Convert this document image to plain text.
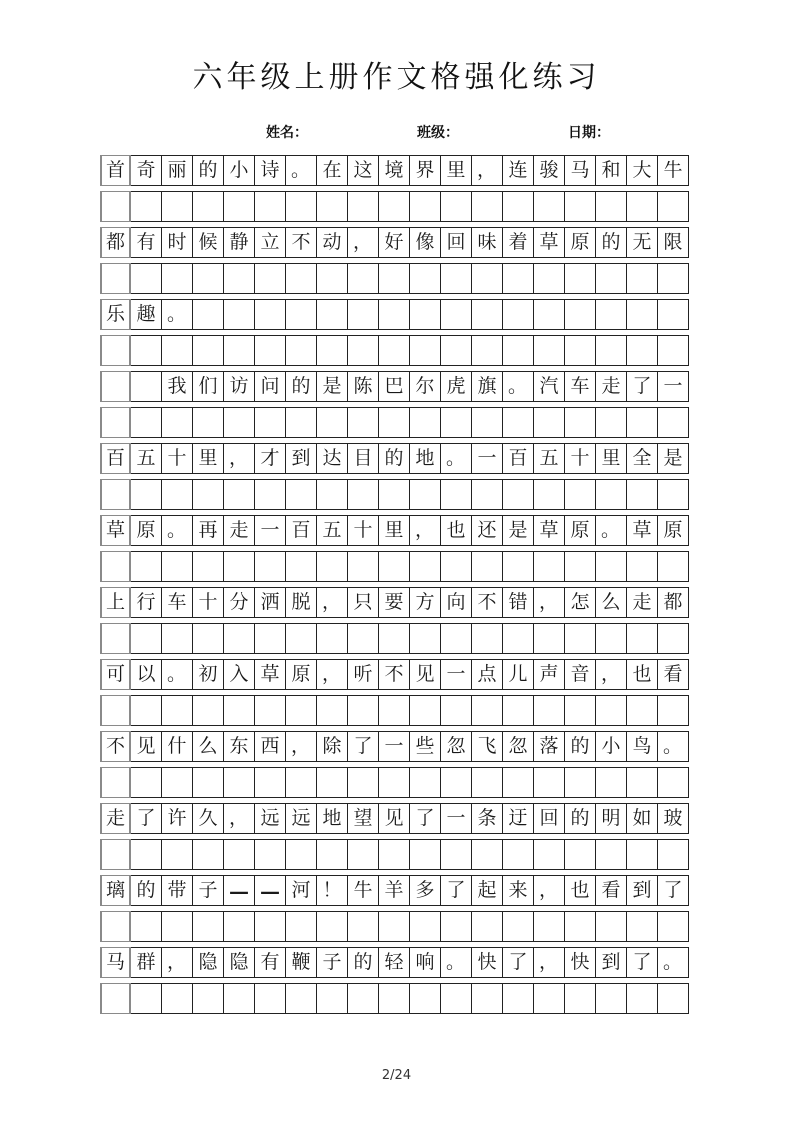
六年级上册作文格强化练习
姓名：	班级：	日期：
首 奇 丽 的 小 诗 。 在 这 境 界 里 ， 连 骏 马 和 大 牛
都 有 时 候 静 立 不 动 ， 好 像 回 味 着 草 原 的 无 限
乐 趣 。
我 们 访 问 的 是 陈 巴 尔 虎 旗 。 汽 车 走 了 一
百 五 十 里 ， 才 到 达 目 的 地 。 一 百 五 十 里 全 是
草 原 。 再 走 一 百 五 十 里 ， 也 还 是 草 原 。 草 原
上 行 车 十 分 洒 脱 ， 只 要 方 向 不 错 ， 怎 么 走 都
可 以 。 初 入 草 原 ， 听 不 见 一 点 儿 声 音 ， 也 看
不 见 什 么 东 西 ， 除 了 一 些 忽 飞 忽 落 的 小 鸟 。
走 了 许 久 ， 远 远 地 望 见 了 一 条 迂 回 的 明 如 玻
璃 的 带 子 — — 河 ！ 牛 羊 多 了 起 来 ， 也 看 到 了
马 群 ， 隐 隐 有 鞭 子 的 轻 响 。 快 了 ， 快 到 了 。
2/24
